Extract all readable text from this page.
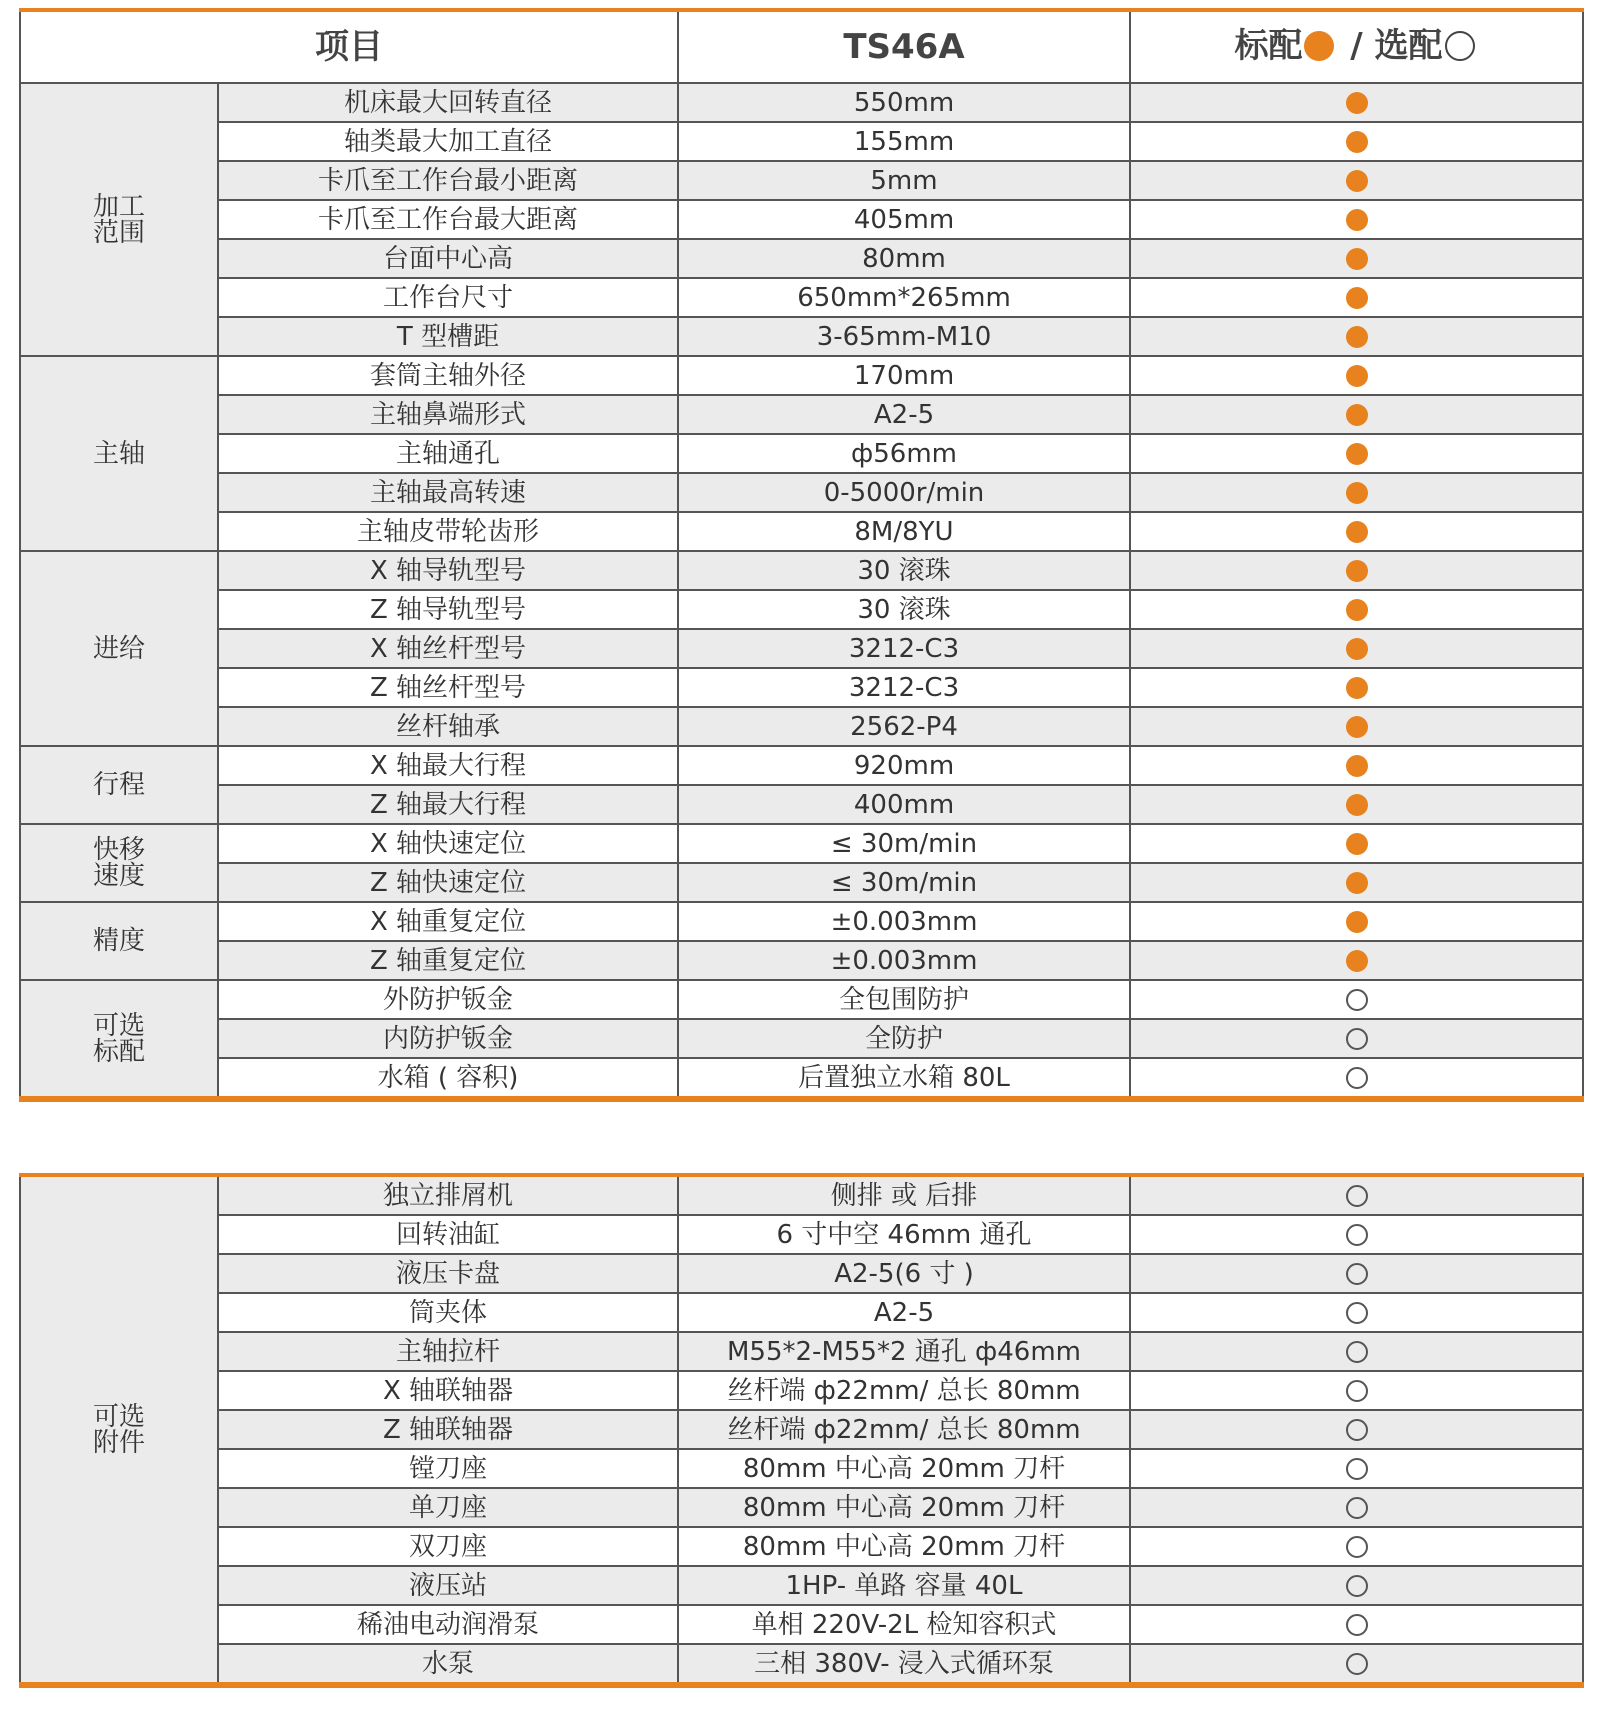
项目		TS46A	标配 / 选配
加工
范围	机床最大回转直径	550mm	
	轴类最大加工直径	155mm	
	卡爪至工作台最小距离	5mm	
	卡爪至工作台最大距离	405mm	
	台面中心高	80mm	
	工作台尺寸	650mm*265mm	
	T 型槽距	3-65mm-M10	
主轴	套筒主轴外径	170mm	
	主轴鼻端形式	A2-5	
	主轴通孔	ф56mm	
	主轴最高转速	0-5000r/min	
	主轴皮带轮齿形	8M/8YU	
进给	X 轴导轨型号	30 滚珠	
	Z 轴导轨型号	30 滚珠	
	X 轴丝杆型号	3212-C3	
	Z 轴丝杆型号	3212-C3	
	丝杆轴承	2562-P4	
行程	X 轴最大行程	920mm	
	Z 轴最大行程	400mm	
快移
速度	X 轴快速定位	≤ 30m/min	
	Z 轴快速定位	≤ 30m/min	
精度	X 轴重复定位	±0.003mm	
	Z 轴重复定位	±0.003mm	
可选
标配	外防护钣金	全包围防护	
	内防护钣金	全防护	
	水箱 ( 容积)	后置独立水箱 80L	
可选
附件	独立排屑机	侧排 或 后排	
	回转油缸	6 寸中空 46mm 通孔	
	液压卡盘	A2-5(6 寸 )	
	筒夹体	A2-5	
	主轴拉杆	M55*2-M55*2 通孔 ф46mm	
	X 轴联轴器	丝杆端 ф22mm/ 总长 80mm	
	Z 轴联轴器	丝杆端 ф22mm/ 总长 80mm	
	镗刀座	80mm 中心高 20mm 刀杆	
	单刀座	80mm 中心高 20mm 刀杆	
	双刀座	80mm 中心高 20mm 刀杆	
	液压站	1HP- 单路 容量 40L	
	稀油电动润滑泵	单相 220V-2L 检知容积式	
	水泵	三相 380V- 浸入式循环泵	
